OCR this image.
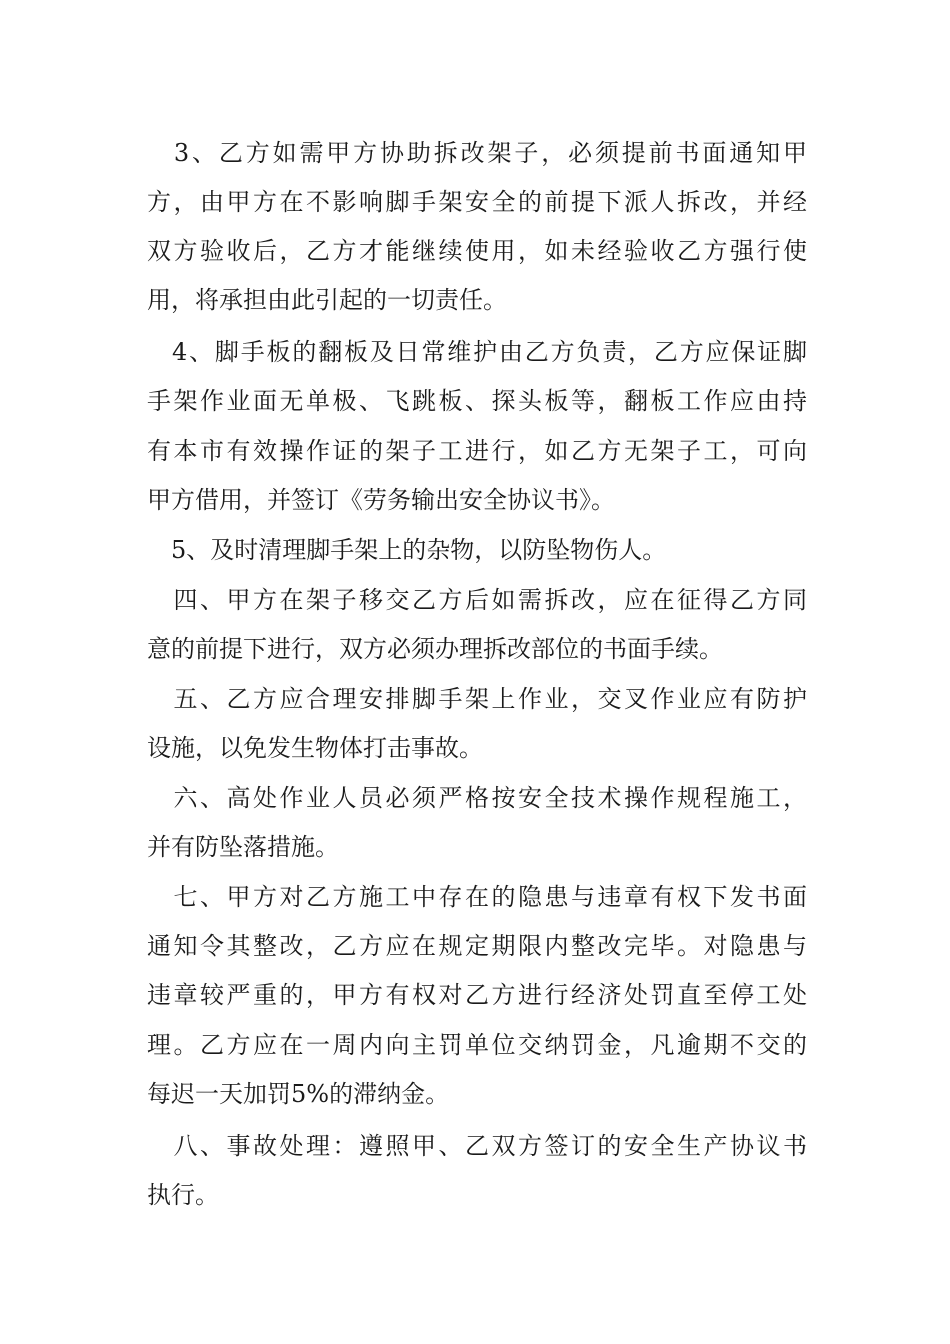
　3、乙方如需甲方协助拆改架子，必须提前书面通知甲
方，由甲方在不影响脚手架安全的前提下派人拆改，并经
双方验收后，乙方才能继续使用，如未经验收乙方强行使
用，将承担由此引起的一切责任。
4、脚手板的翻板及日常维护由乙方负责，乙方应保证脚
手架作业面无单极、飞跳板、探头板等，翻板工作应由持
有本市有效操作证的架子工进行，如乙方无架子工，可向
甲方借用，并签订《劳务输出安全协议书》。
　5、及时清理脚手架上的杂物，以防坠物伤人。
　四、甲方在架子移交乙方后如需拆改，应在征得乙方同
意的前提下进行，双方必须办理拆改部位的书面手续。
　五、乙方应合理安排脚手架上作业，交叉作业应有防护
设施，以免发生物体打击事故。
　六、高处作业人员必须严格按安全技术操作规程施工，
并有防坠落措施。
　七、甲方对乙方施工中存在的隐患与违章有权下发书面
通知令其整改，乙方应在规定期限内整改完毕。对隐患与
违章较严重的，甲方有权对乙方进行经济处罚直至停工处
理。乙方应在一周内向主罚单位交纳罚金，凡逾期不交的
每迟一天加罚5%的滞纳金。
　八、事故处理：遵照甲、乙双方签订的安全生产协议书
执行。
